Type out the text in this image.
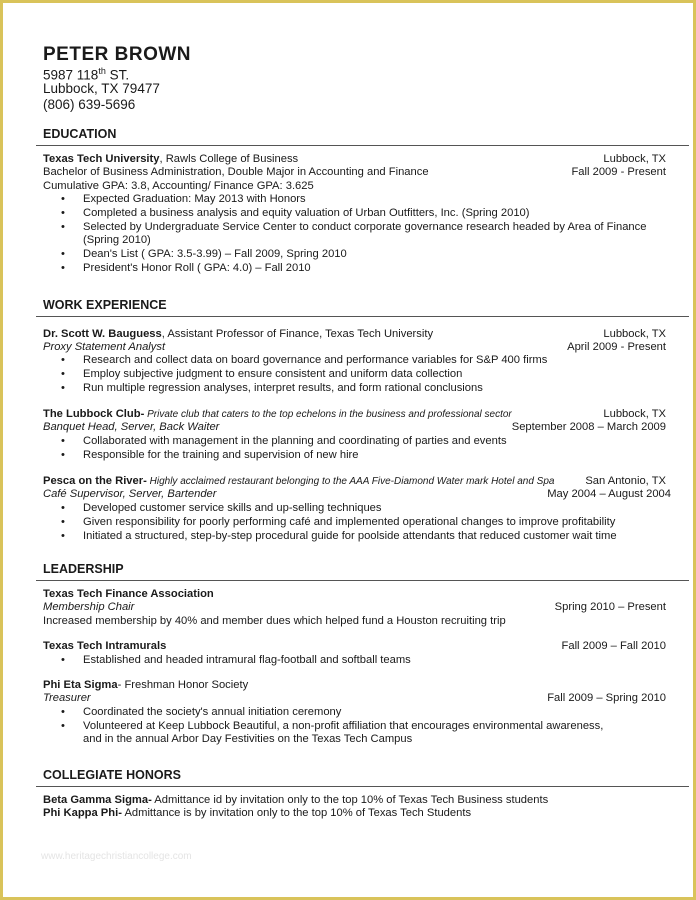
PETER BROWN
5987 118th ST.
Lubbock, TX 79477
(806) 639-5696
EDUCATION
Texas Tech University, Rawls College of Business	Lubbock, TX
Bachelor of Business Administration, Double Major in Accounting and Finance	Fall 2009 - Present
Cumulative GPA: 3.8, Accounting/ Finance GPA: 3.625
• Expected Graduation: May 2013 with Honors
• Completed a business analysis and equity valuation of Urban Outfitters, Inc. (Spring 2010)
• Selected by Undergraduate Service Center to conduct corporate governance research headed by Area of Finance
(Spring 2010)
• Dean's List ( GPA: 3.5-3.99) – Fall 2009, Spring 2010
• President's Honor Roll ( GPA: 4.0) – Fall 2010
WORK EXPERIENCE
Dr. Scott W. Bauguess, Assistant Professor of Finance, Texas Tech University	Lubbock, TX
Proxy Statement Analyst	April 2009 - Present
• Research and collect data on board governance and performance variables for S&P 400 firms
• Employ subjective judgment to ensure consistent and uniform data collection
• Run multiple regression analyses, interpret results, and form rational conclusions
The Lubbock Club- Private club that caters to the top echelons in the business and professional sector	Lubbock, TX
Banquet Head, Server, Back Waiter	September 2008 – March 2009
• Collaborated with management in the planning and coordinating of parties and events
• Responsible for the training and supervision of new hire
Pesca on the River- Highly acclaimed restaurant belonging to the AAA Five-Diamond Water mark Hotel and Spa	San Antonio, TX
Café Supervisor, Server, Bartender	May 2004 – August 2004
• Developed customer service skills and up-selling techniques
• Given responsibility for poorly performing café and implemented operational changes to improve profitability
• Initiated a structured, step-by-step procedural guide for poolside attendants that reduced customer wait time
LEADERSHIP
Texas Tech Finance Association
Membership Chair	Spring 2010 – Present
Increased membership by 40% and member dues which helped fund a Houston recruiting trip
Texas Tech Intramurals	Fall 2009 – Fall 2010
• Established and headed intramural flag-football and softball teams
Phi Eta Sigma- Freshman Honor Society
Treasurer	Fall 2009 – Spring 2010
• Coordinated the society's annual initiation ceremony
• Volunteered at Keep Lubbock Beautiful, a non-profit affiliation that encourages environmental awareness,
and in the annual Arbor Day Festivities on the Texas Tech Campus
COLLEGIATE HONORS
Beta Gamma Sigma- Admittance id by invitation only to the top 10% of Texas Tech Business students
Phi Kappa Phi- Admittance is by invitation only to the top 10% of Texas Tech Students
www.heritagechristiancollege.com
